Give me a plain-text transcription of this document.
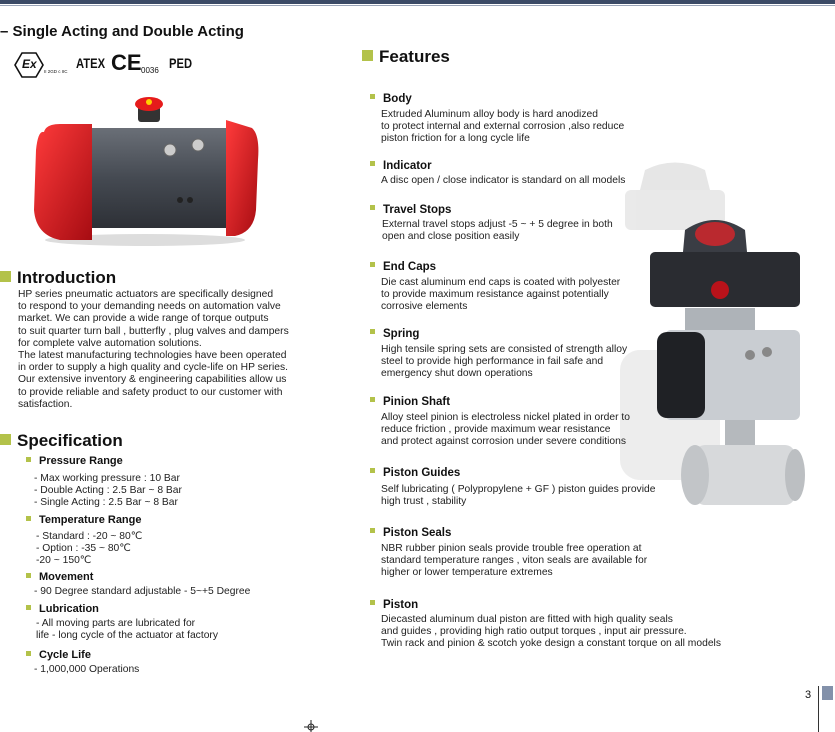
– Single Acting and Double Acting
Ex
II 2GD c IIC
ATEX CE 0036 PED
Introduction
HP series pneumatic actuators are specifically designed
to respond to your demanding needs on automation valve
market. We can provide a wide range of torque outputs
to suit quarter turn ball , butterfly , plug valves and dampers
for complete valve automation solutions.
The latest manufacturing technologies have been operated
in order to supply a high quality and cycle-life on HP series.
Our extensive inventory & engineering capabilities allow us
to provide reliable and safety product to our customer with
satisfaction.
Specification
Pressure Range
- Max working pressure : 10 Bar
- Double Acting : 2.5 Bar ~ 8 Bar
- Single Acting : 2.5 Bar ~ 8 Bar
Temperature Range
- Standard : -20 ~ 80℃
- Option : -35 ~ 80℃
-20 ~ 150℃
Movement
- 90 Degree standard adjustable - 5~+5 Degree
Lubrication
- All moving parts are lubricated for
life - long cycle of the actuator at factory
Cycle Life
- 1,000,000 Operations
Features
Body
Extruded Aluminum alloy body is hard anodized
to protect internal and external corrosion ,also reduce
piston friction for a long cycle life
Indicator
A disc open / close indicator is standard on all models
Travel Stops
External travel stops adjust -5 ~ + 5 degree in both
open and close position easily
End Caps
Die cast aluminum end caps is coated with polyester
to provide maximum resistance against potentially
corrosive elements
Spring
High tensile spring sets are consisted of strength alloy
steel to provide high performance in fail safe and
emergency shut down operations
Pinion Shaft
Alloy steel pinion is electroless nickel plated in order to
reduce friction , provide maximum wear resistance
and protect against corrosion under severe conditions
Piston Guides
Self lubricating ( Polypropylene + GF ) piston guides provide
high trust , stability
Piston Seals
NBR rubber pinion seals provide trouble free operation at
standard temperature ranges , viton seals are available for
higher or lower temperature extremes
Piston
Diecasted aluminum dual piston are fitted with high quality seals
and guides , providing high ratio output torques , input air pressure.
Twin rack and pinion & scotch yoke design a constant torque on all models
3
